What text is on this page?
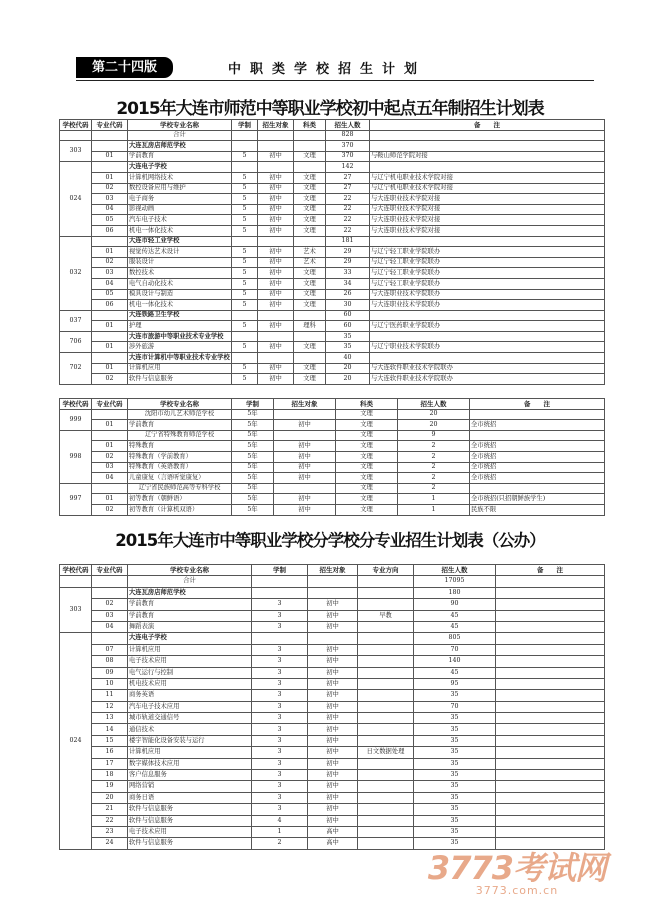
第二十四版	中职类学校招生计划
2015年大连市师范中等职业学校初中起点五年制招生计划表
学校代码	专业代码	学校专业名称	学制	招生对象	科类	招生人数	备　　注
		合计				828	
303		大连瓦房店师范学校				370	
	01	学前教育	5	初中	文理	370	与鞍山师范学院对接
024		大连电子学校				142	
	01	计算机网络技术	5	初中	文理	27	与辽宁机电职业技术学院对接
	02	数控设备应用与维护	5	初中	文理	27	与辽宁机电职业技术学院对接
	03	电子商务	5	初中	文理	22	与大连职业技术学院对接
	04	影视动画	5	初中	文理	22	与大连职业技术学院对接
	05	汽车电子技术	5	初中	文理	22	与大连职业技术学院对接
	06	机电一体化技术	5	初中	文理	22	与大连职业技术学院对接
032		大连市轻工业学校				181	
	01	视觉传达艺术设计	5	初中	艺术	29	与辽宁轻工职业学院联办
	02	服装设计	5	初中	艺术	29	与辽宁轻工职业学院联办
	03	数控技术	5	初中	文理	33	与辽宁轻工职业学院联办
	04	电气自动化技术	5	初中	文理	34	与辽宁轻工职业学院联办
	05	模具设计与制造	5	初中	文理	26	与大连职业技术学院联办
	06	机电一体化技术	5	初中	文理	30	与大连职业技术学院联办
037		大连铁路卫生学校				60	
	01	护理	5	初中	理科	60	与辽宁医药职业学院联办
706		大连市旅游中等职业技术专业学校				35	
	01	涉外旅游	5	初中	文理	35	与辽宁职业技术学院联办
702		大连市计算机中等职业技术专业学校				40	
	01	计算机应用	5	初中	文理	20	与大连软件职业技术学院联办
	02	软件与信息服务	5	初中	文理	20	与大连软件职业技术学院联办
学校代码	专业代码	学校专业名称	学制	招生对象	科类	招生人数	备　　注
999		沈阳市幼儿艺术师范学校	5年		文理	20	
	01	学前教育	5年	初中	文理	20	全市统招
998		辽宁省特殊教育师范学校	5年		文理	9	
	01	特殊教育	5年	初中	文理	2	全市统招
	02	特殊教育（学前教育）	5年	初中	文理	2	全市统招
	03	特殊教育（英语教育）	5年	初中	文理	2	全市统招
	04	儿童康复（言语听觉康复）	5年	初中	文理	2	全市统招
997		辽宁省民族师范高等专科学校	5年		文理	2	
	01	初等教育（朝鲜语）	5年	初中	文理	1	全市统招(只招朝鲜族学生)
	02	初等教育（计算机双语）	5年	初中	文理	1	民族不限
2015年大连市中等职业学校分学校分专业招生计划表（公办）
学校代码	专业代码	学校专业名称	学制	招生对象	专业方向	招生人数	备　　注
		合计				17095	
303		大连瓦房店师范学校				180	
	02	学前教育	3	初中		90	
	03	学前教育	3	初中	早教	45	
	04	舞蹈表演	3	初中		45	
024		大连电子学校				805	
	07	计算机应用	3	初中		70	
	08	电子技术应用	3	初中		140	
	09	电气运行与控制	3	初中		45	
	10	机电技术应用	3	初中		95	
	11	商务英语	3	初中		35	
	12	汽车电子技术应用	3	初中		70	
	13	城市轨道交通信号	3	初中		35	
	14	通信技术	3	初中		35	
	15	楼宇智能化设备安装与运行	3	初中		35	
	16	计算机应用	3	初中	日文数据处理	35	
	17	数字媒体技术应用	3	初中		35	
	18	客户信息服务	3	初中		35	
	19	网络营销	3	初中		35	
	20	商务日语	3	初中		35	
	21	软件与信息服务	3	初中		35	
	22	软件与信息服务	4	初中		35	
	23	电子技术应用	1	高中		35	
	24	软件与信息服务	2	高中		35	
3773考试网
3773.com.cn
